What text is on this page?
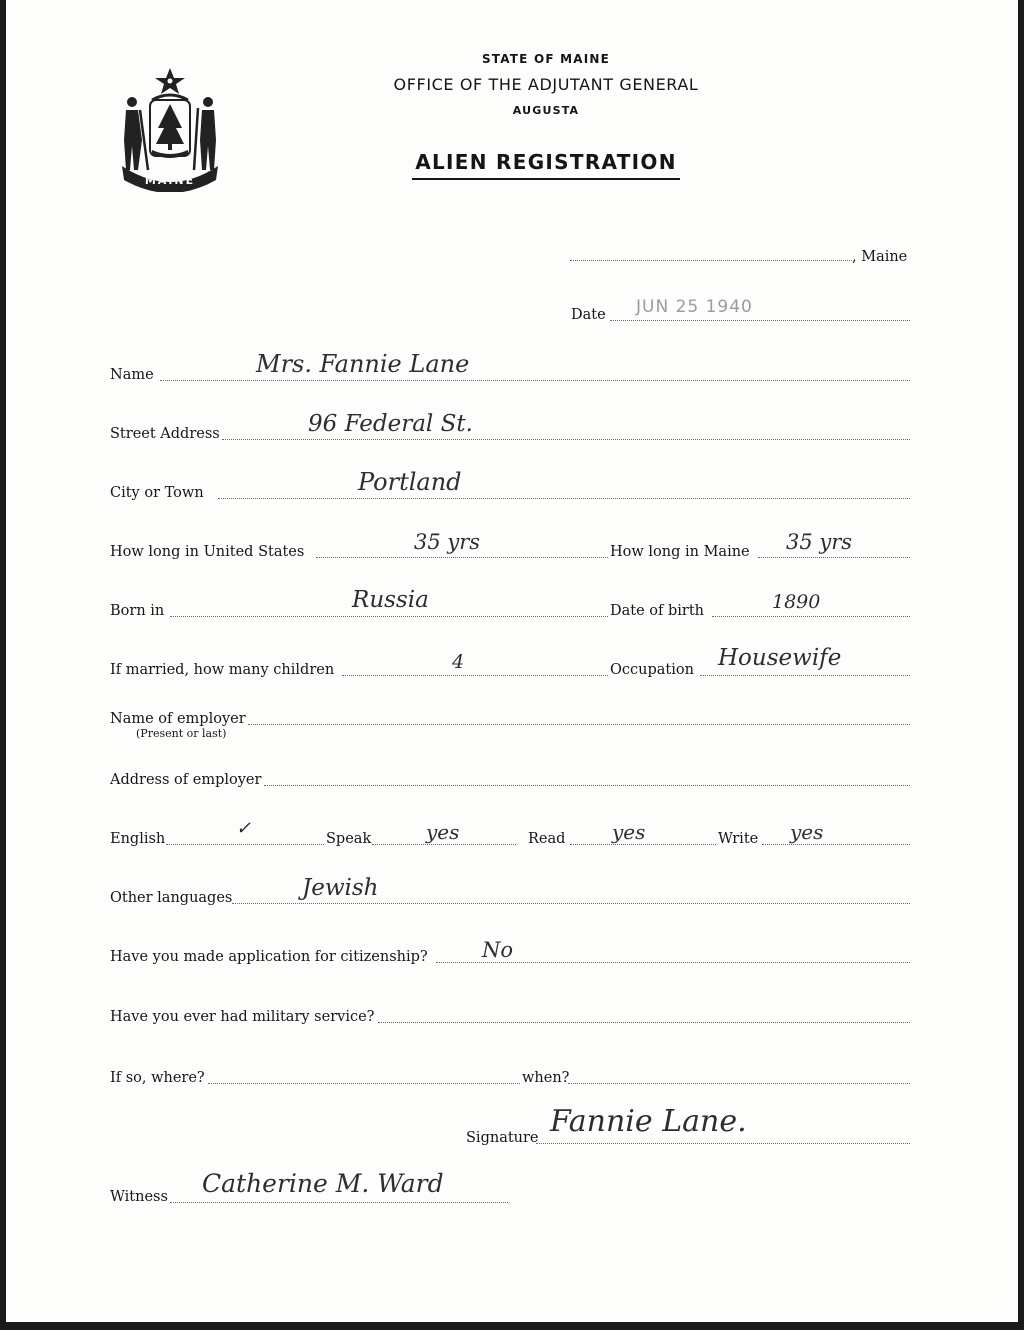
MAINE
STATE OF MAINE
OFFICE OF THE ADJUTANT GENERAL
AUGUSTA
ALIEN REGISTRATION
, Maine
Date JUN 25 1940
Name	Mrs. Fannie Lane
Street Address	96 Federal St.
City or Town	Portland
How long in United States	35 yrs	How long in Maine 35 yrs
Born in	Russia	Date of birth	1890
If married, how many children	4	Occupation Housewife
Name of employer
(Present or last)
Address of employer
English	✓	Speak	yes	Read yes	Write yes
Other languages	Jewish
Have you made application for citizenship?	No
Have you ever had military service?
If so, where?	when?
Signature Fannie Lane.
Witness Catherine M. Ward
